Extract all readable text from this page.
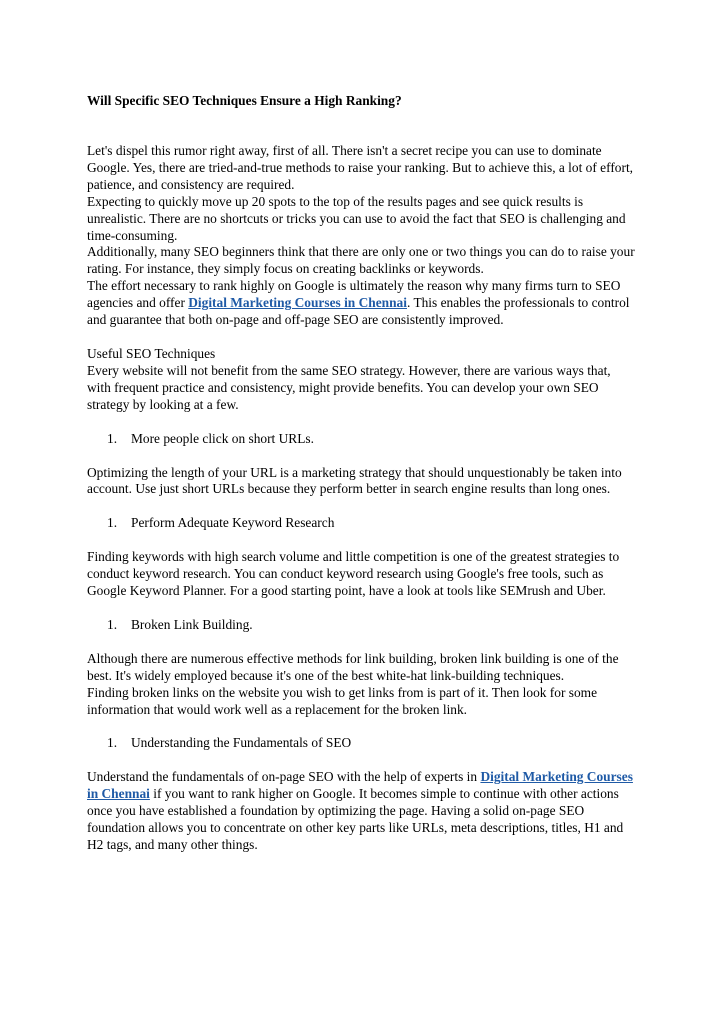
Will Specific SEO Techniques Ensure a High Ranking?

Let's dispel this rumor right away, first of all. There isn't a secret recipe you can use to dominate Google. Yes, there are tried-and-true methods to raise your ranking. But to achieve this, a lot of effort, patience, and consistency are required.

Expecting to quickly move up 20 spots to the top of the results pages and see quick results is unrealistic. There are no shortcuts or tricks you can use to avoid the fact that SEO is challenging and time-consuming.

Additionally, many SEO beginners think that there are only one or two things you can do to raise your rating. For instance, they simply focus on creating backlinks or keywords.

The effort necessary to rank highly on Google is ultimately the reason why many firms turn to SEO agencies and offer Digital Marketing Courses in Chennai. This enables the professionals to control and guarantee that both on-page and off-page SEO are consistently improved.

Useful SEO Techniques

Every website will not benefit from the same SEO strategy. However, there are various ways that, with frequent practice and consistency, might provide benefits. You can develop your own SEO strategy by looking at a few.

1. More people click on short URLs.

Optimizing the length of your URL is a marketing strategy that should unquestionably be taken into account. Use just short URLs because they perform better in search engine results than long ones.

1. Perform Adequate Keyword Research

Finding keywords with high search volume and little competition is one of the greatest strategies to conduct keyword research. You can conduct keyword research using Google's free tools, such as Google Keyword Planner. For a good starting point, have a look at tools like SEMrush and Uber.

1. Broken Link Building.

Although there are numerous effective methods for link building, broken link building is one of the best. It's widely employed because it's one of the best white-hat link-building techniques.

Finding broken links on the website you wish to get links from is part of it. Then look for some information that would work well as a replacement for the broken link.

1. Understanding the Fundamentals of SEO

Understand the fundamentals of on-page SEO with the help of experts in Digital Marketing Courses in Chennai if you want to rank higher on Google. It becomes simple to continue with other actions once you have established a foundation by optimizing the page. Having a solid on-page SEO foundation allows you to concentrate on other key parts like URLs, meta descriptions, titles, H1 and H2 tags, and many other things.
